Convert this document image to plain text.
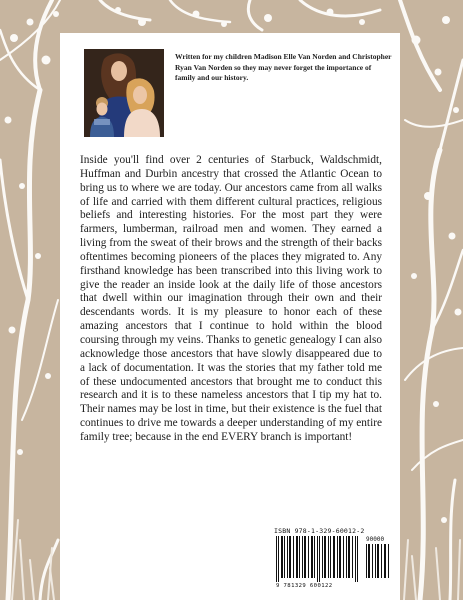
Written for my children Madison Elle Van Norden and Christopher Ryan Van Norden so they may never forget the importance of family and our history.
Inside you'll find over 2 centuries of Starbuck, Waldschmidt, Huffman and Durbin ancestry that crossed the Atlantic Ocean to bring us to where we are today. Our ancestors came from all walks of life and carried with them different cultural practices, religious beliefs and interesting histories. For the most part they were farmers, lumberman, railroad men and women. They earned a living from the sweat of their brows and the strength of their backs oftentimes becoming pioneers of the places they migrated to. Any firsthand knowledge has been transcribed into this living work to give the reader an inside look at the daily life of those ancestors that dwell within our imagination through their own and their descendants words. It is my pleasure to honor each of these amazing ancestors that I continue to hold within the blood coursing through my veins. Thanks to genetic genealogy I can also acknowledge those ancestors that have slowly disappeared due to a lack of documentation. It was the stories that my father told me of these undocumented ancestors that brought me to conduct this research and it is to these nameless ancestors that I tip my hat to. Their names may be lost in time, but their existence is the fuel that continues to drive me towards a deeper understanding of my entire family tree; because in the end EVERY branch is important!
ISBN 978-1-329-60012-2
90000
9 781329 600122
